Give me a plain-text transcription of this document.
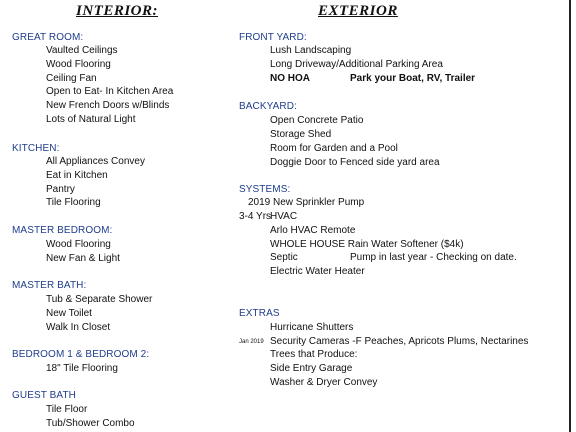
INTERIOR:	EXTERIOR
GREAT ROOM:
Vaulted Ceilings
Wood Flooring
Ceiling Fan
Open to Eat- In Kitchen Area
New French Doors w/Blinds
Lots of Natural Light
KITCHEN:
All Appliances Convey
Eat in Kitchen
Pantry
Tile Flooring
MASTER BEDROOM:
Wood Flooring
New Fan & Light
MASTER BATH:
Tub & Separate Shower
New Toilet
Walk In Closet
BEDROOM 1 & BEDROOM 2:
18" Tile Flooring
GUEST BATH
Tile Floor
Tub/Shower Combo
FRONT YARD:
Lush Landscaping
Long Driveway/Additional Parking Area
NO HOA	Park your Boat, RV, Trailer
BACKYARD:
Open Concrete Patio
Storage Shed
Room for Garden and a Pool
Doggie Door to Fenced side yard area
SYSTEMS:
2019 New Sprinkler Pump
3-4 Yrs
HVAC
Arlo HVAC Remote
WHOLE HOUSE Rain Water Softener ($4k)
Septic	Pump in last year - Checking on date.
Electric Water Heater
EXTRAS
Hurricane Shutters
Jan 2019 Security Cameras -F Peaches, Apricots Plums, Nectarines
Trees that Produce:
Side Entry Garage
Washer & Dryer Convey
